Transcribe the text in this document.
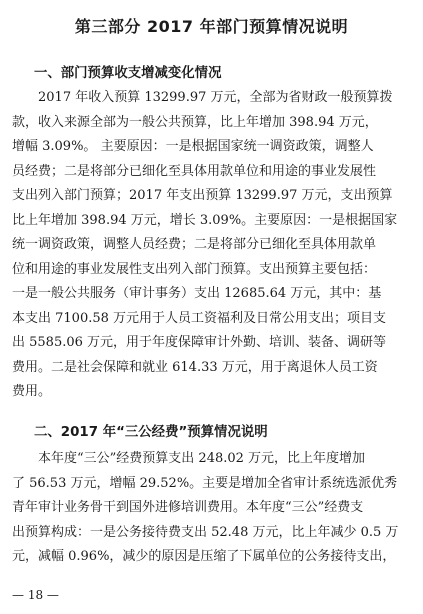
第三部分 2017 年部门预算情况说明
一、部门预算收支增减变化情况
2017 年收入预算 13299.97 万元，全部为省财政一般预算拨
款，收入来源全部为一般公共预算，比上年增加 398.94 万元，
增幅 3.09%。 主要原因：一是根据国家统一调资政策，调整人
员经费；二是将部分已细化至具体用款单位和用途的事业发展性
支出列入部门预算；2017 年支出预算 13299.97 万元，支出预算
比上年增加 398.94 万元，增长 3.09%。主要原因：一是根据国家
统一调资政策，调整人员经费；二是将部分已细化至具体用款单
位和用途的事业发展性支出列入部门预算。支出预算主要包括：
一是一般公共服务（审计事务）支出 12685.64 万元，其中：基
本支出 7100.58 万元用于人员工资福利及日常公用支出；项目支
出 5585.06 万元，用于年度保障审计外勤、培训、装备、调研等
费用。二是社会保障和就业 614.33 万元，用于离退休人员工资
费用。
二、2017 年“三公经费”预算情况说明
本年度“三公”经费预算支出 248.02 万元，比上年度增加
了 56.53 万元，增幅 29.52%。主要是增加全省审计系统选派优秀
青年审计业务骨干到国外进修培训费用。本年度“三公”经费支
出预算构成：一是公务接待费支出 52.48 万元，比上年减少 0.5 万
元，减幅 0.96%，减少的原因是压缩了下属单位的公务接待支出，
— 18 —
